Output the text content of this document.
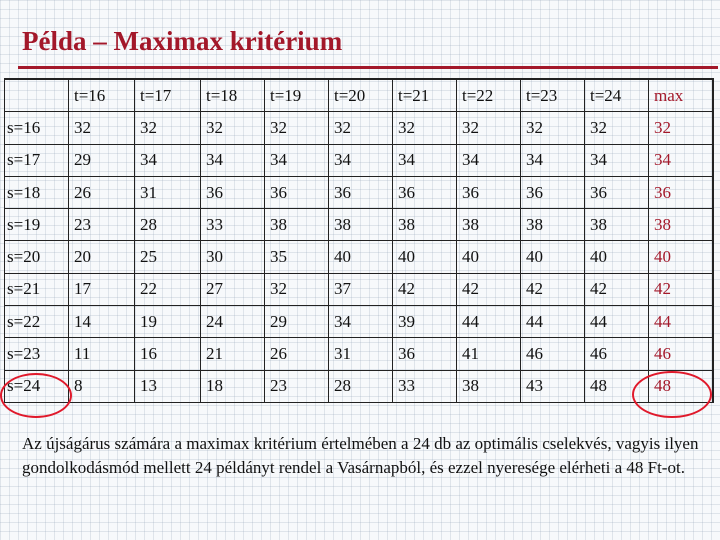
Példa – Maximax kritérium
	t=16	t=17	t=18	t=19	t=20	t=21	t=22	t=23	t=24	max
s=16	32	32	32	32	32	32	32	32	32	32
s=17	29	34	34	34	34	34	34	34	34	34
s=18	26	31	36	36	36	36	36	36	36	36
s=19	23	28	33	38	38	38	38	38	38	38
s=20	20	25	30	35	40	40	40	40	40	40
s=21	17	22	27	32	37	42	42	42	42	42
s=22	14	19	24	29	34	39	44	44	44	44
s=23	11	16	21	26	31	36	41	46	46	46
s=24	8	13	18	23	28	33	38	43	48	48
Az újságárus számára a maximax kritérium értelmében a 24 db az optimális cselekvés, vagyis ilyen gondolkodásmód mellett 24 példányt rendel a Vasárnapból, és ezzel nyeresége elérheti a 48 Ft-ot.
